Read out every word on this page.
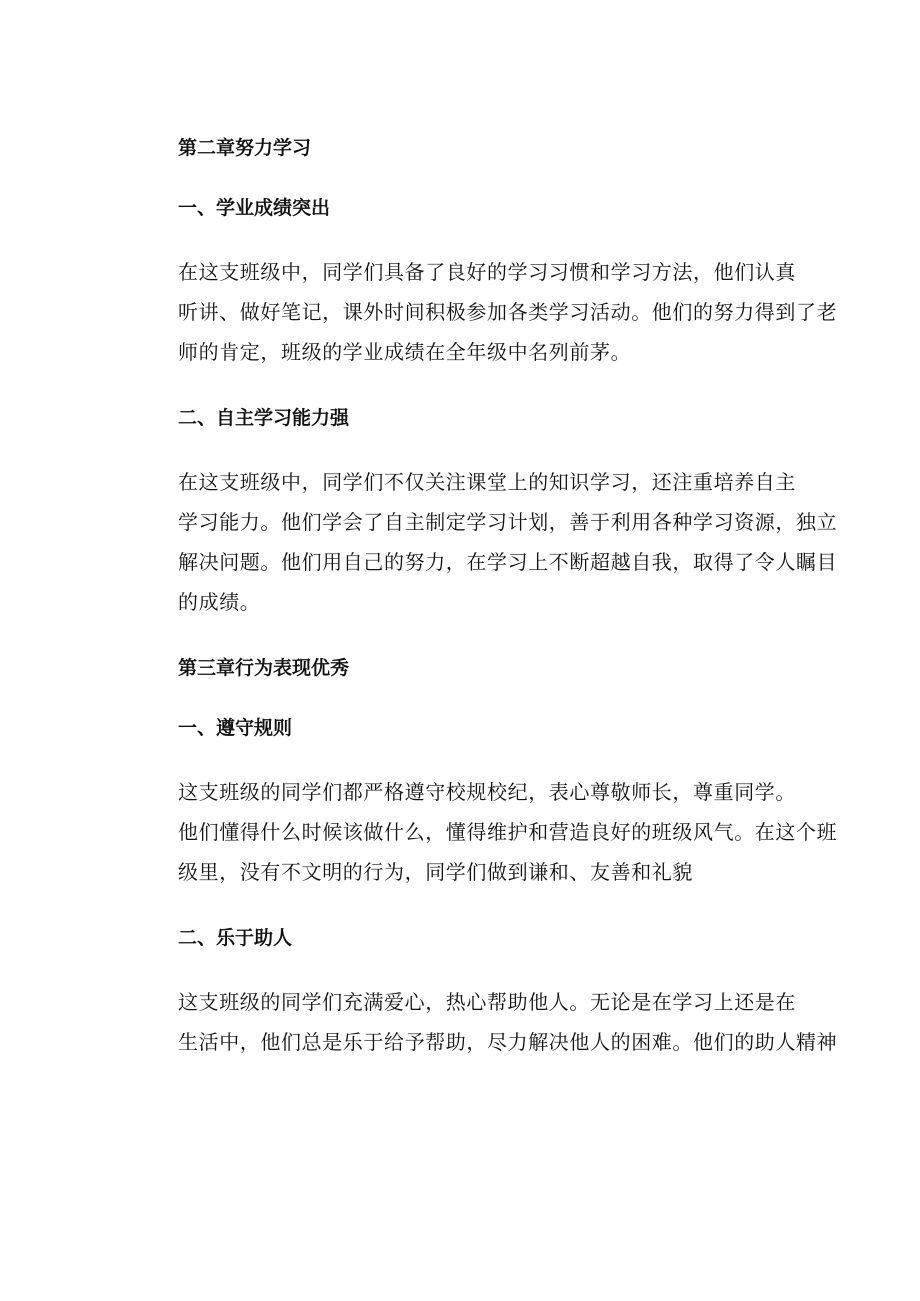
第二章努力学习
一、学业成绩突出

在这支班级中，同学们具备了良好的学习习惯和学习方法，他们认真
听讲、做好笔记，课外时间积极参加各类学习活动。他们的努力得到了老
师的肯定，班级的学业成绩在全年级中名列前茅。

二、自主学习能力强

在这支班级中，同学们不仅关注课堂上的知识学习，还注重培养自主
学习能力。他们学会了自主制定学习计划，善于利用各种学习资源，独立
解决问题。他们用自己的努力，在学习上不断超越自我，取得了令人瞩目
的成绩。

第三章行为表现优秀
一、遵守规则

这支班级的同学们都严格遵守校规校纪，表心尊敬师长，尊重同学。
他们懂得什么时候该做什么，懂得维护和营造良好的班级风气。在这个班
级里，没有不文明的行为，同学们做到谦和、友善和礼貌

二、乐于助人

这支班级的同学们充满爱心，热心帮助他人。无论是在学习上还是在
生活中，他们总是乐于给予帮助，尽力解决他人的困难。他们的助人精神
